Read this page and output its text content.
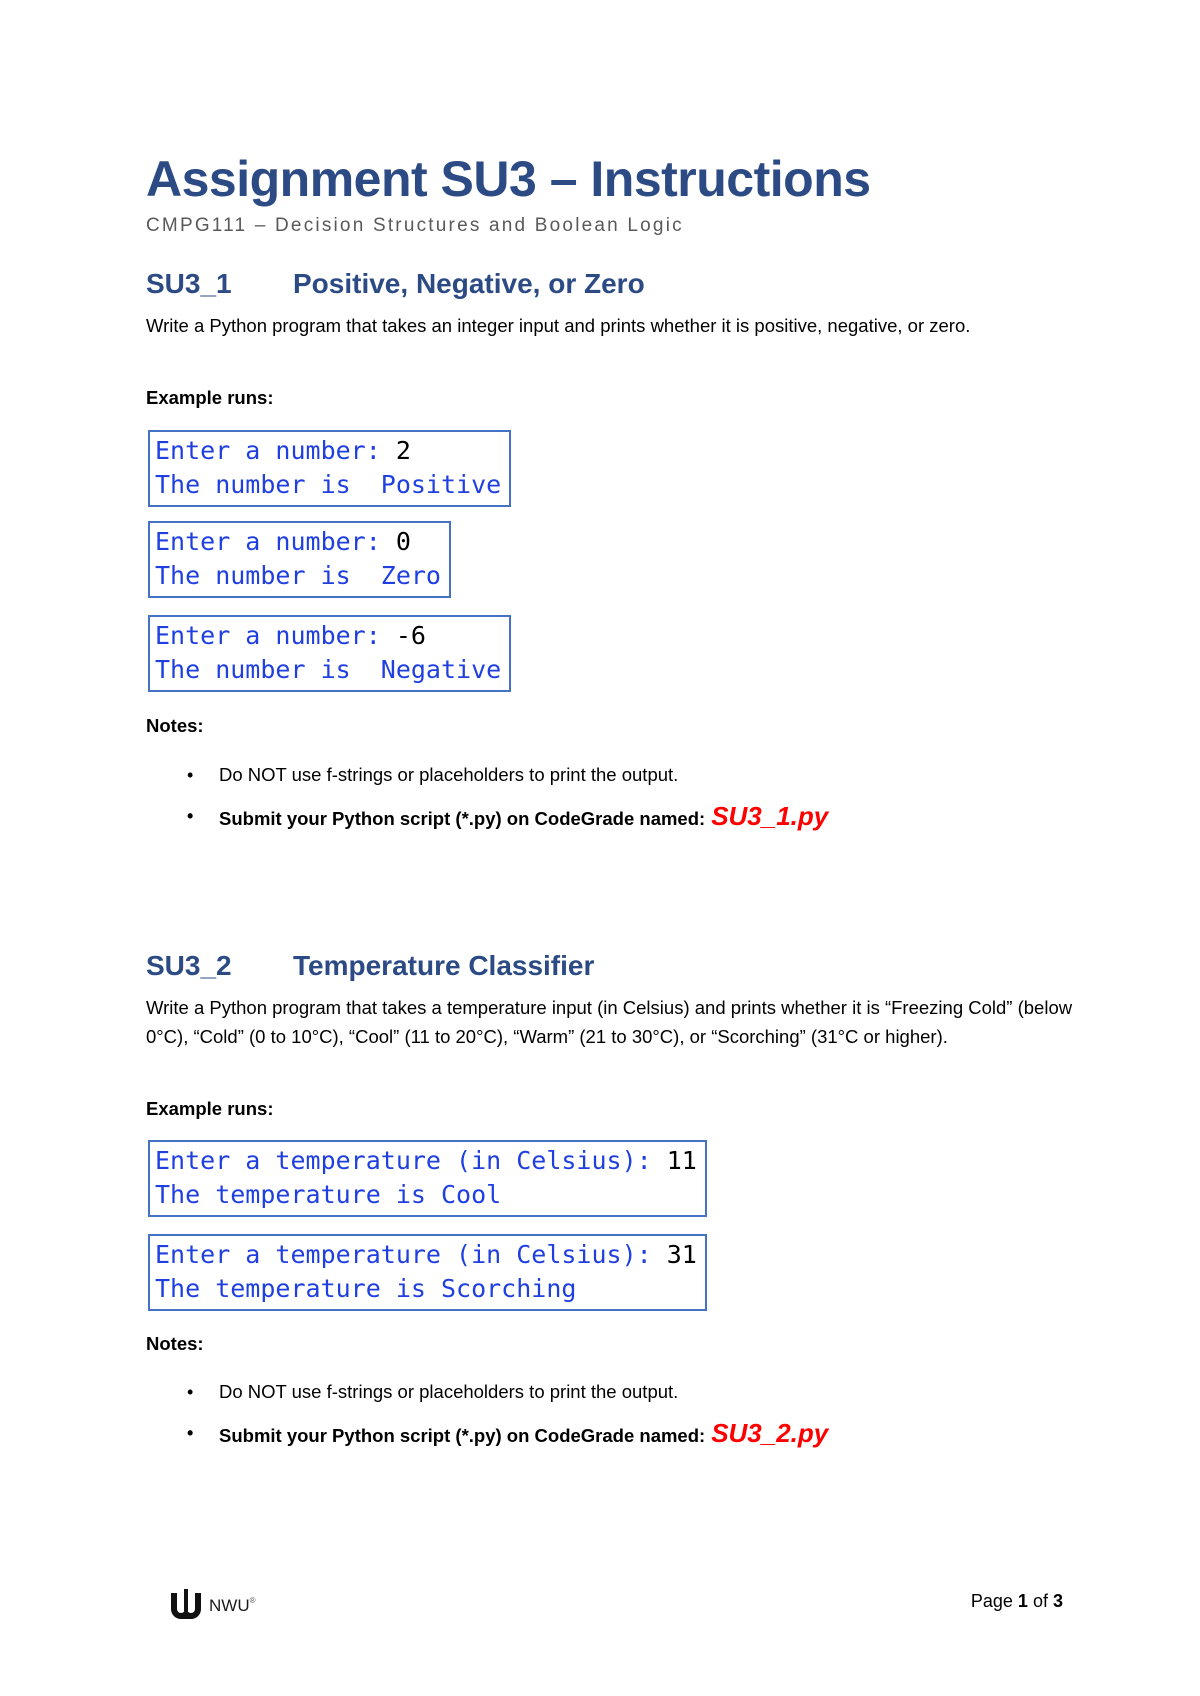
Assignment SU3 – Instructions
CMPG111 – Decision Structures and Boolean Logic
SU3_1 Positive, Negative, or Zero
Write a Python program that takes an integer input and prints whether it is positive, negative, or zero.
Example runs:
Enter a number: 2
The number is  Positive
Enter a number: 0
The number is  Zero
Enter a number: -6
The number is  Negative
Notes:
• Do NOT use f-strings or placeholders to print the output.
• Submit your Python script (*.py) on CodeGrade named: SU3_1.py
SU3_2 Temperature Classifier
Write a Python program that takes a temperature input (in Celsius) and prints whether it is “Freezing Cold” (below 0°C), “Cold” (0 to 10°C), “Cool” (11 to 20°C), “Warm” (21 to 30°C), or “Scorching” (31°C or higher).
Example runs:
Enter a temperature (in Celsius): 11
The temperature is Cool
Enter a temperature (in Celsius): 31
The temperature is Scorching
Notes:
• Do NOT use f-strings or placeholders to print the output.
• Submit your Python script (*.py) on CodeGrade named: SU3_2.py
NWU®	Page 1 of 3
